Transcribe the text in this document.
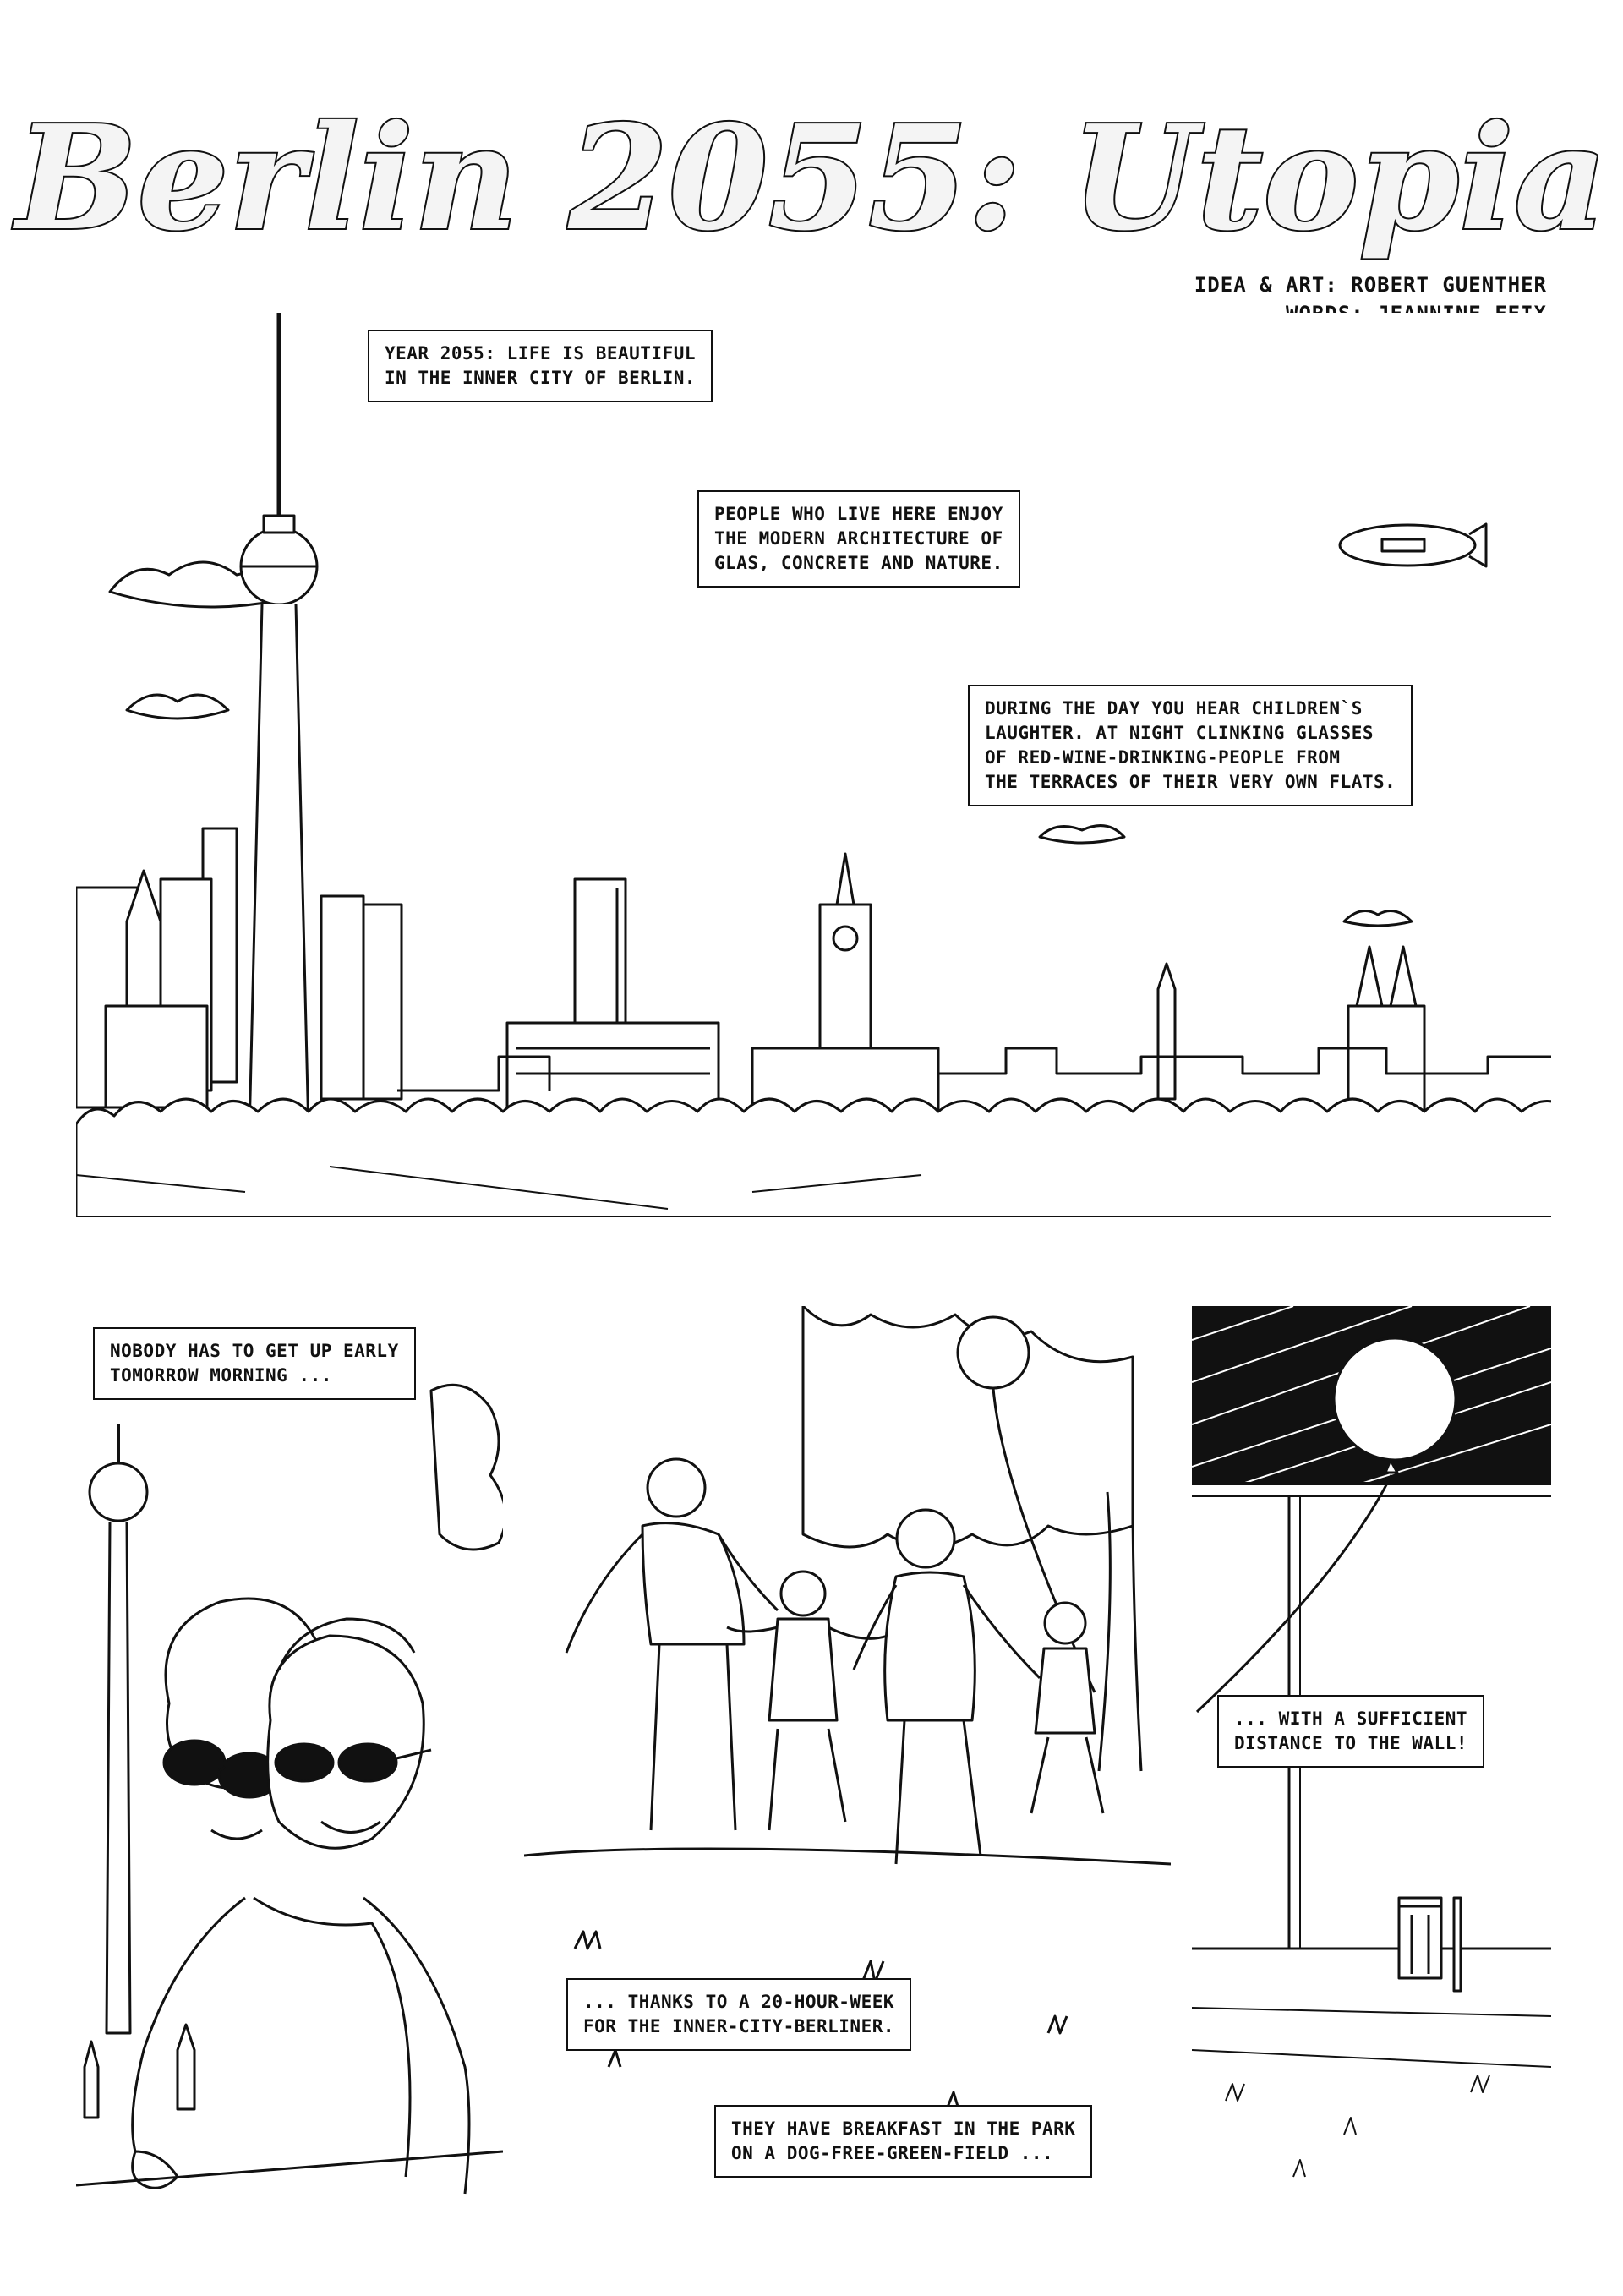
Berlin 2055: Utopia
IDEA & ART: ROBERT GUENTHER
YEAR 2055: LIFE IS BEAUTIFUL
IN THE INNER CITY OF BERLIN.
PEOPLE WHO LIVE HERE ENJOY
THE MODERN ARCHITECTURE OF
GLAS, CONCRETE AND NATURE.
DURING THE DAY YOU HEAR CHILDREN`S
LAUGHTER. AT NIGHT CLINKING GLASSES
OF RED-WINE-DRINKING-PEOPLE FROM
THE TERRACES OF THEIR VERY OWN FLATS.
NOBODY HAS TO GET UP EARLY
TOMORROW MORNING ...
... THANKS TO A 20-HOUR-WEEK
FOR THE INNER-CITY-BERLINER.
THEY HAVE BREAKFAST IN THE PARK
ON A DOG-FREE-GREEN-FIELD ...
... WITH A SUFFICIENT
DISTANCE TO THE WALL!
